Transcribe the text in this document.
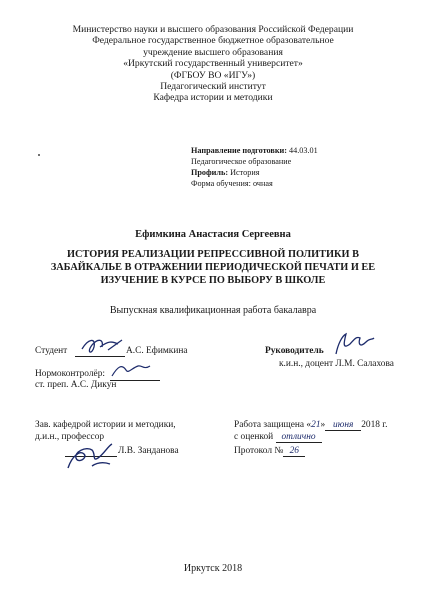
Министерство науки и высшего образования Российской Федерации
Федеральное государственное бюджетное образовательное
учреждение высшего образования
«Иркутский государственный университет»
(ФГБОУ ВО «ИГУ»)
Педагогический институт
Кафедра истории и методики
Направление подготовки: 44.03.01
Педагогическое образование
Профиль: История
Форма обучения: очная
Ефимкина Анастасия Сергеевна
ИСТОРИЯ РЕАЛИЗАЦИИ РЕПРЕССИВНОЙ ПОЛИТИКИ В
ЗАБАЙКАЛЬЕ В ОТРАЖЕНИИ ПЕРИОДИЧЕСКОЙ ПЕЧАТИ И ЕЕ
ИЗУЧЕНИЕ В КУРСЕ ПО ВЫБОРУ В ШКОЛЕ
Выпускная квалификационная работа бакалавра
Студент	А.С. Ефимкина	Руководитель
к.и.н., доцент Л.М. Салахова
Нормоконтролёр:
ст. преп. А.С. Дикун
Зав. кафедрой истории и методики,
д.и.н., профессор
Л.В. Занданова
Работа защищена «21» июня 2018 г.
с оценкой отлично
Протокол № 26
Иркутск 2018
